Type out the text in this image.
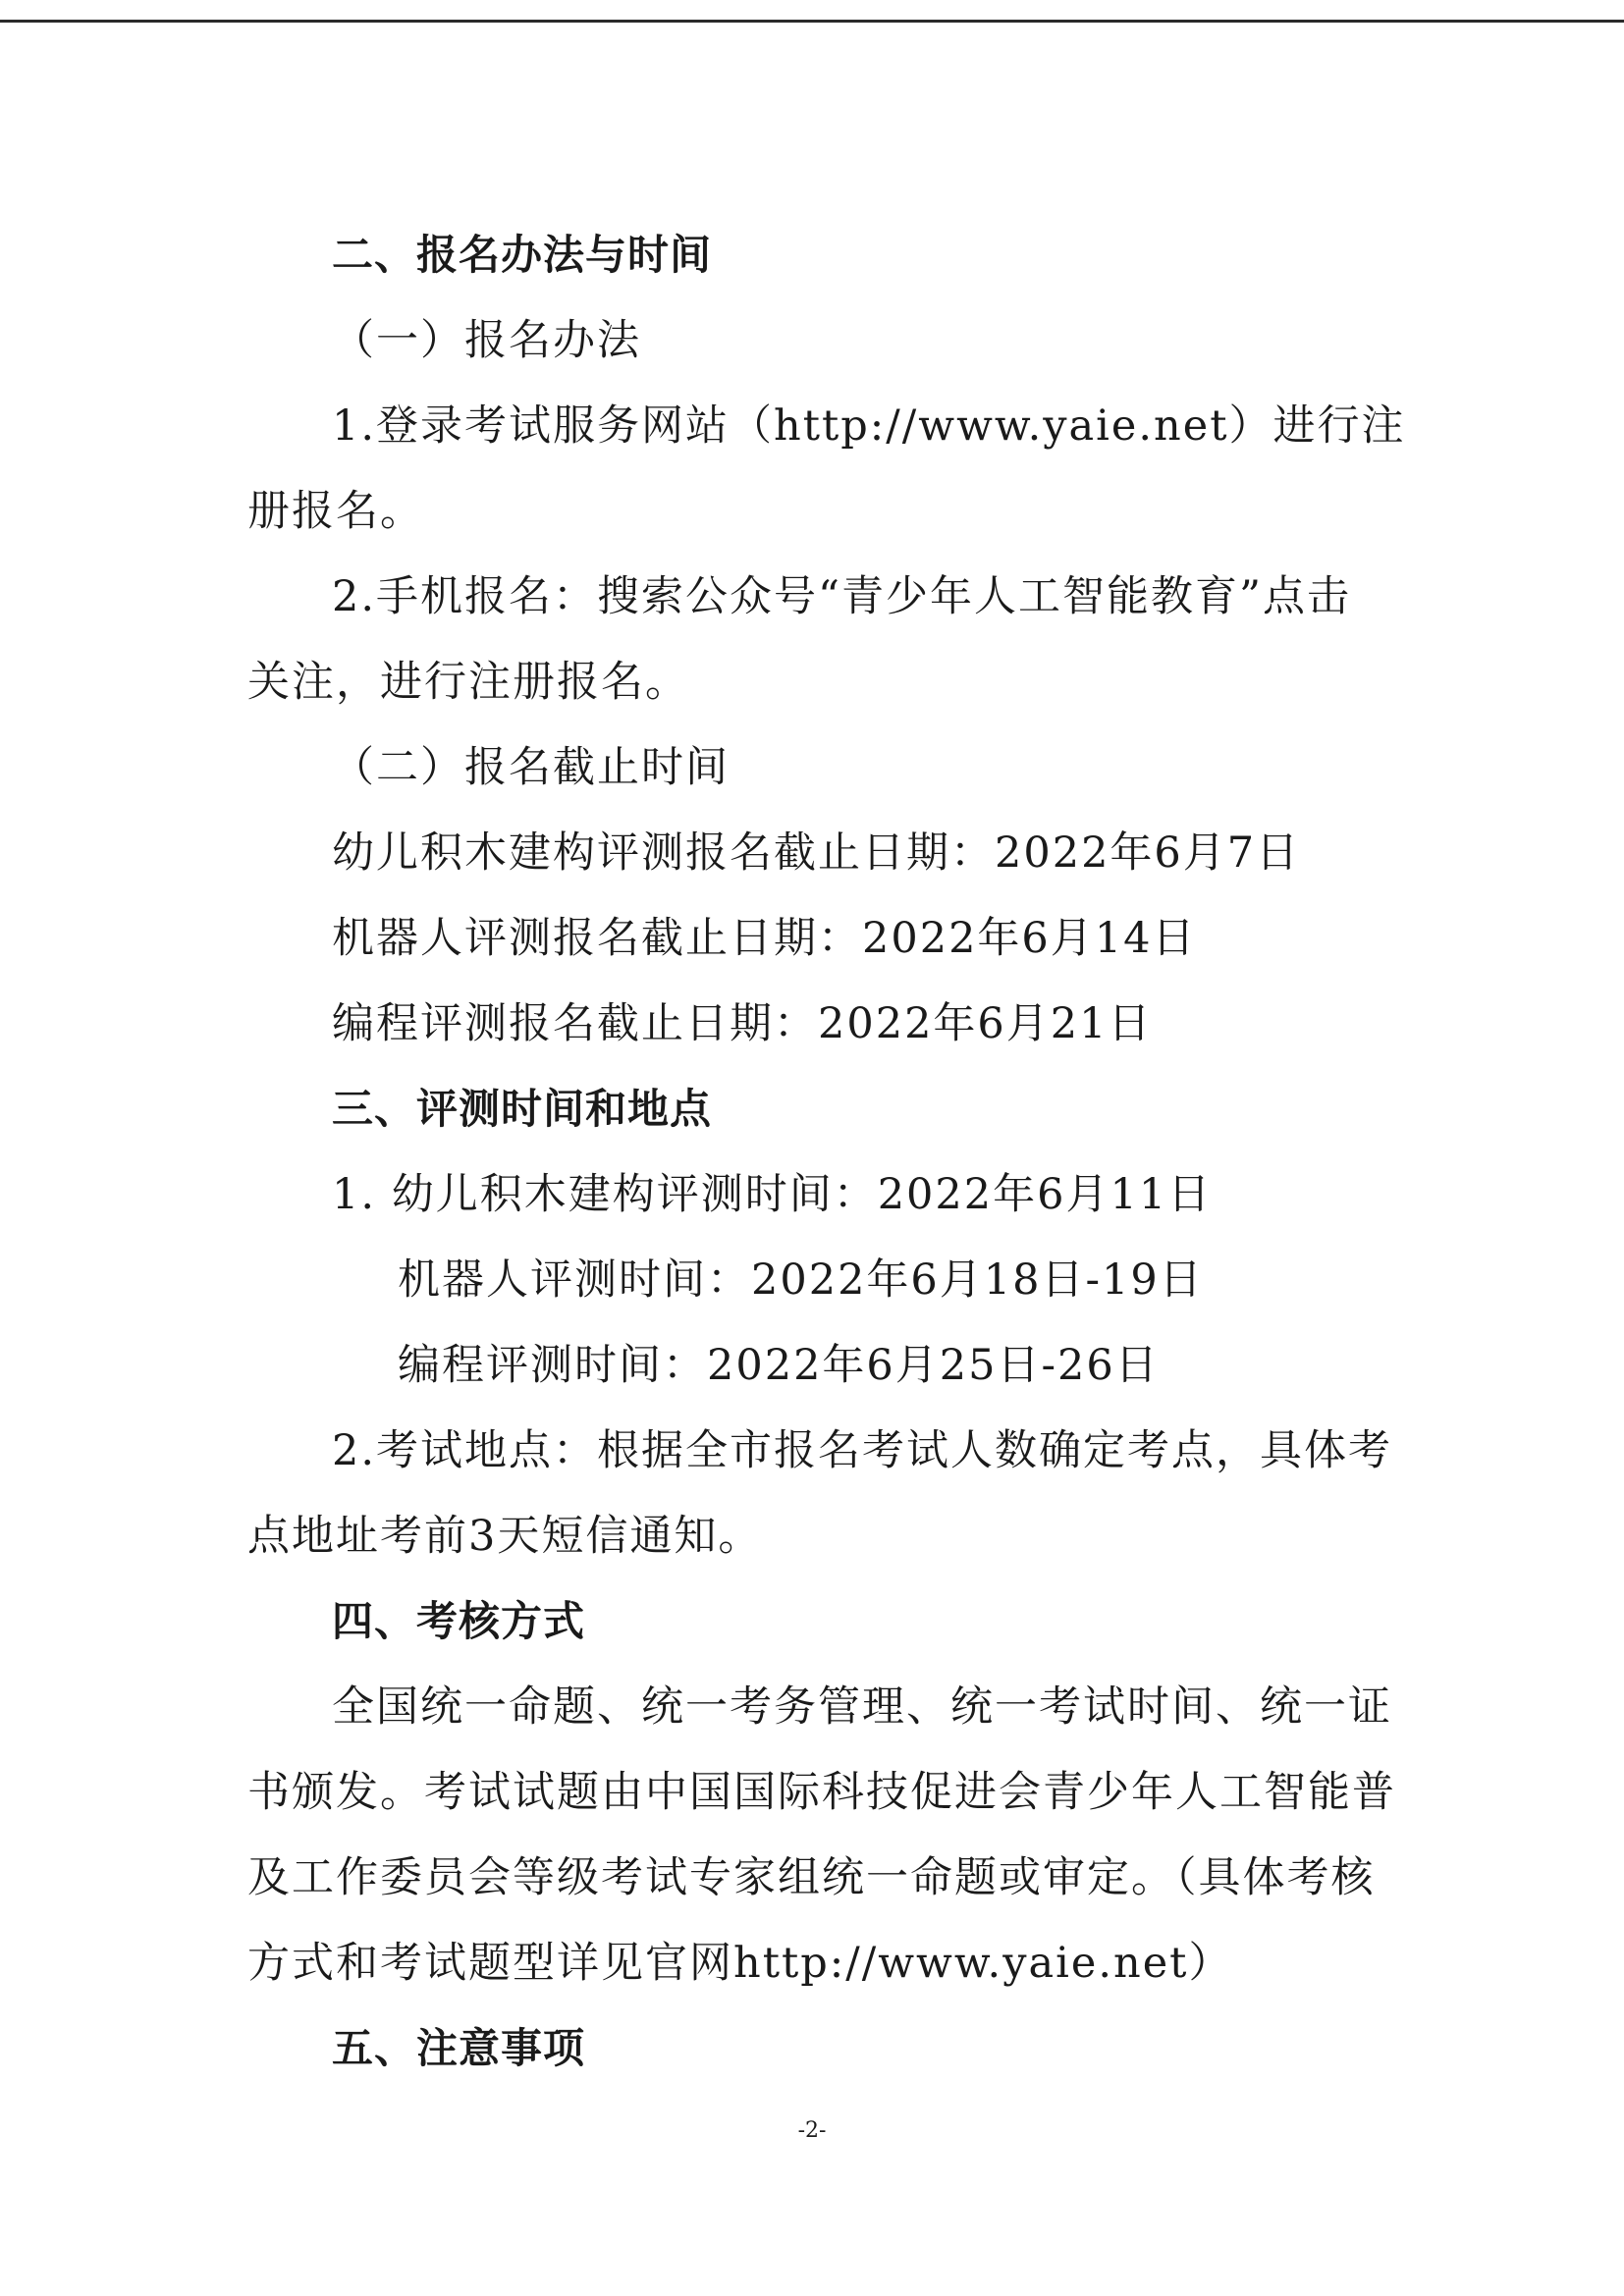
二、报名办法与时间
（一）报名办法
1.登录考试服务网站（http://www.yaie.net）进行注
册报名。
2.手机报名：搜索公众号“青少年人工智能教育”点击
关注，进行注册报名。
（二）报名截止时间
幼儿积木建构评测报名截止日期：2022年6月7日
机器人评测报名截止日期：2022年6月14日
编程评测报名截止日期：2022年6月21日
三、评测时间和地点
1. 幼儿积木建构评测时间：2022年6月11日
机器人评测时间：2022年6月18日-19日
编程评测时间：2022年6月25日-26日
2.考试地点：根据全市报名考试人数确定考点，具体考
点地址考前3天短信通知。
四、考核方式
全国统一命题、统一考务管理、统一考试时间、统一证
书颁发。考试试题由中国国际科技促进会青少年人工智能普
及工作委员会等级考试专家组统一命题或审定。（具体考核
方式和考试题型详见官网http://www.yaie.net）
五、注意事项
-2-
